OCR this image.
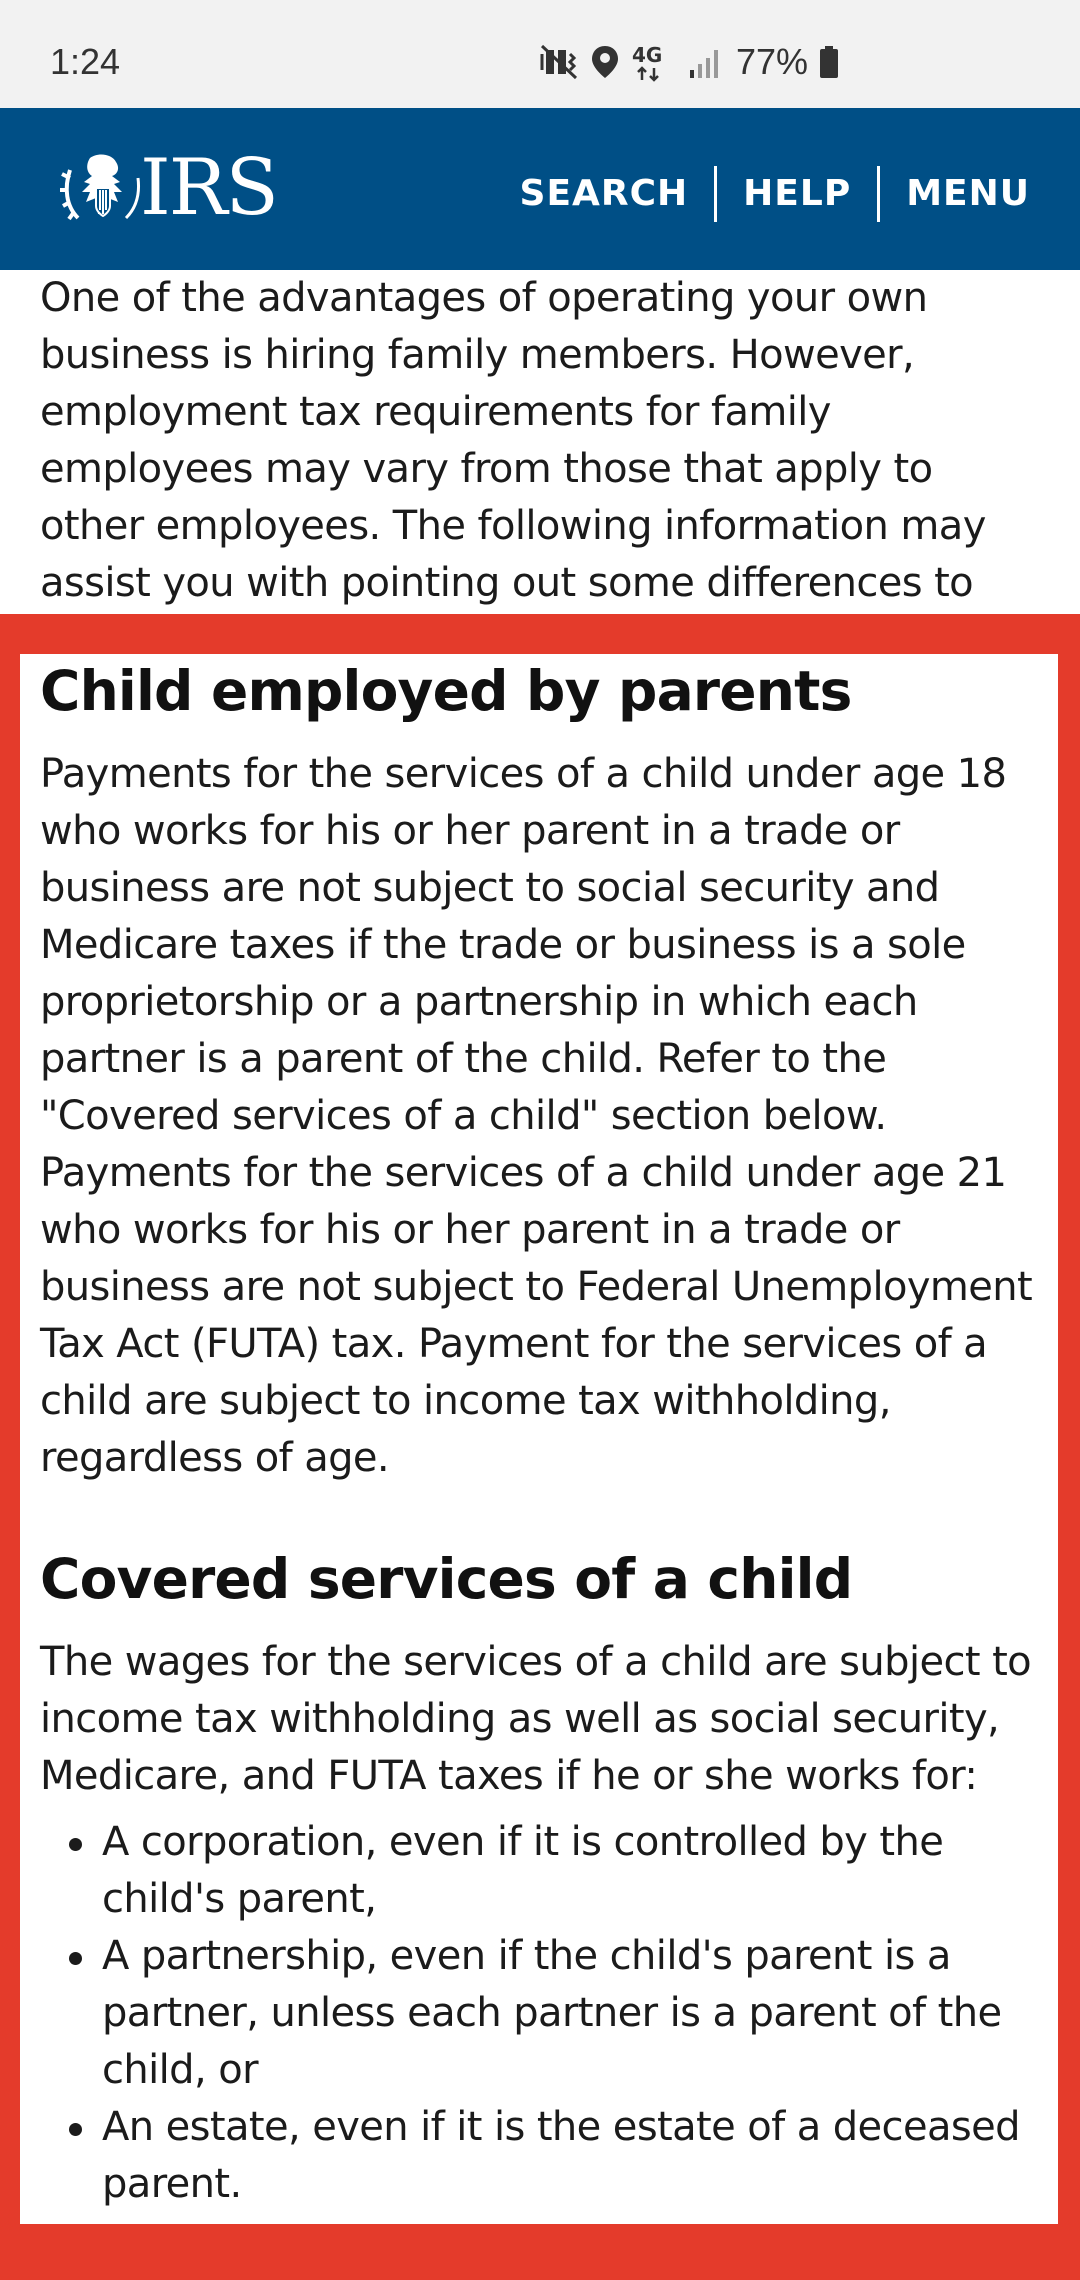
1:24	4G 77%
IRS	SEARCH	HELP	MENU

One of the advantages of operating your own business is hiring family members. However, employment tax requirements for family employees may vary from those that apply to other employees. The following information may assist you with pointing out some differences to

Child employed by parents

Payments for the services of a child under age 18 who works for his or her parent in a trade or business are not subject to social security and Medicare taxes if the trade or business is a sole proprietorship or a partnership in which each partner is a parent of the child. Refer to the "Covered services of a child" section below. Payments for the services of a child under age 21 who works for his or her parent in a trade or business are not subject to Federal Unemployment Tax Act (FUTA) tax. Payment for the services of a child are subject to income tax withholding, regardless of age.

Covered services of a child

The wages for the services of a child are subject to income tax withholding as well as social security, Medicare, and FUTA taxes if he or she works for:

A corporation, even if it is controlled by the child's parent,
A partnership, even if the child's parent is a partner, unless each partner is a parent of the child, or
An estate, even if it is the estate of a deceased parent.
